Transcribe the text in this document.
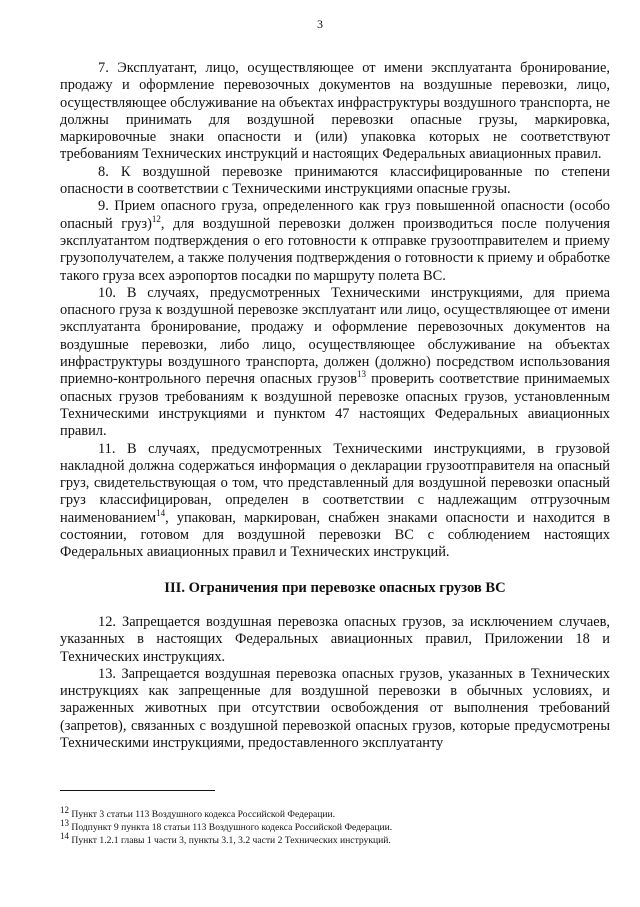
3

7. Эксплуатант, лицо, осуществляющее от имени эксплуатанта бронирование, продажу и оформление перевозочных документов на воздушные перевозки, лицо, осуществляющее обслуживание на объектах инфраструктуры воздушного транспорта, не должны принимать для воздушной перевозки опасные грузы, маркировка, маркировочные знаки опасности и (или) упаковка которых не соответствуют требованиям Технических инструкций и настоящих Федеральных авиационных правил.

8. К воздушной перевозке принимаются классифицированные по степени опасности в соответствии с Техническими инструкциями опасные грузы.

9. Прием опасного груза, определенного как груз повышенной опасности (особо опасный груз)$^{12}$, для воздушной перевозки должен производиться после получения эксплуатантом подтверждения о его готовности к отправке грузоотправителем и приему грузополучателем, а также получения подтверждения о готовности к приему и обработке такого груза всех аэропортов посадки по маршруту полета ВС.

10. В случаях, предусмотренных Техническими инструкциями, для приема опасного груза к воздушной перевозке эксплуатант или лицо, осуществляющее от имени эксплуатанта бронирование, продажу и оформление перевозочных документов на воздушные перевозки, либо лицо, осуществляющее обслуживание на объектах инфраструктуры воздушного транспорта, должен (должно) посредством использования приемно-контрольного перечня опасных грузов$^{13}$ проверить соответствие принимаемых опасных грузов требованиям к воздушной перевозке опасных грузов, установленным Техническими инструкциями и пунктом 47 настоящих Федеральных авиационных правил.

11. В случаях, предусмотренных Техническими инструкциями, в грузовой накладной должна содержаться информация о декларации грузоотправителя на опасный груз, свидетельствующая о том, что представленный для воздушной перевозки опасный груз классифицирован, определен в соответствии с надлежащим отгрузочным наименованием$^{14}$, упакован, маркирован, снабжен знаками опасности и находится в состоянии, готовом для воздушной перевозки ВС с соблюдением настоящих Федеральных авиационных правил и Технических инструкций.

III. Ограничения при перевозке опасных грузов ВС

12. Запрещается воздушная перевозка опасных грузов, за исключением случаев, указанных в настоящих Федеральных авиационных правил, Приложении 18 и Технических инструкциях.

13. Запрещается воздушная перевозка опасных грузов, указанных в Технических инструкциях как запрещенные для воздушной перевозки в обычных условиях, и зараженных животных при отсутствии освобождения от выполнения требований (запретов), связанных с воздушной перевозкой опасных грузов, которые предусмотрены Техническими инструкциями, предоставленного эксплуатанту

$^{12}$ Пункт 3 статьи 113 Воздушного кодекса Российской Федерации.
$^{13}$ Подпункт 9 пункта 18 статьи 113 Воздушного кодекса Российской Федерации.
$^{14}$ Пункт 1.2.1 главы 1 части 3, пункты 3.1, 3.2 части 2 Технических инструкций.
